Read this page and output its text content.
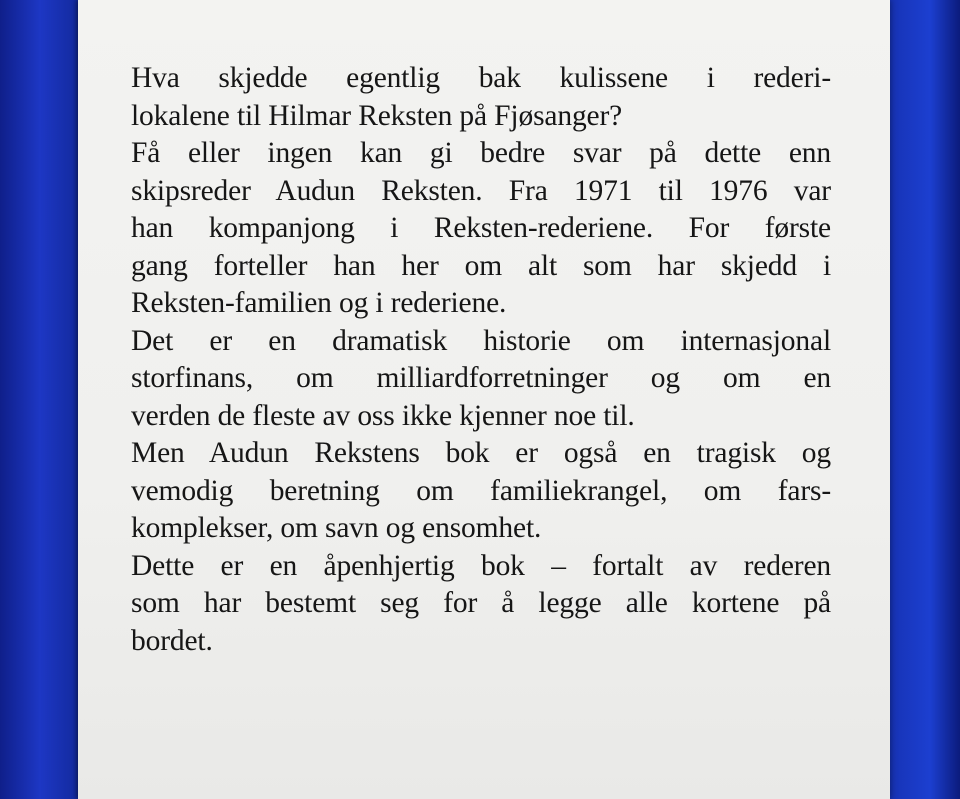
Hva skjedde egentlig bak kulissene i rederi-
lokalene til Hilmar Reksten på Fjøsanger?
Få eller ingen kan gi bedre svar på dette enn
skipsreder Audun Reksten. Fra 1971 til 1976 var
han kompanjong i Reksten-rederiene. For første
gang forteller han her om alt som har skjedd i
Reksten-familien og i rederiene.
Det er en dramatisk historie om internasjonal
storfinans, om milliardforretninger og om en
verden de fleste av oss ikke kjenner noe til.
Men Audun Rekstens bok er også en tragisk og
vemodig beretning om familiekrangel, om fars-
komplekser, om savn og ensomhet.
Dette er en åpenhjertig bok – fortalt av rederen
som har bestemt seg for å legge alle kortene på
bordet.
